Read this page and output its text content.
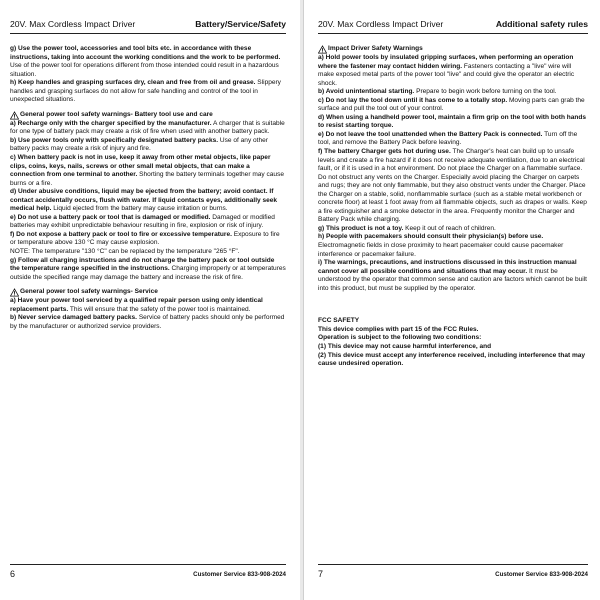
20V. Max Cordless Impact Driver	Battery/Service/Safety

g) Use the power tool, accessories and tool bits etc. in accordance with these instructions, taking into account the working conditions and the work to be performed. Use of the power tool for operations different from those intended could result in a hazardous situation.

h) Keep handles and grasping surfaces dry, clean and free from oil and grease. Slippery handles and grasping surfaces do not allow for safe handling and control of the tool in unexpected situations.

General power tool safety warnings- Battery tool use and care

a) Recharge only with the charger specified by the manufacturer. A charger that is suitable for one type of battery pack may create a risk of fire when used with another battery pack.

b) Use power tools only with specifically designated battery packs. Use of any other battery packs may create a risk of injury and fire.

c) When battery pack is not in use, keep it away from other metal objects, like paper clips, coins, keys, nails, screws or other small metal objects, that can make a connection from one terminal to another. Shorting the battery terminals together may cause burns or a fire.

d) Under abusive conditions, liquid may be ejected from the battery; avoid contact. If contact accidentally occurs, flush with water. If liquid contacts eyes, additionally seek medical help. Liquid ejected from the battery may cause irritation or burns.

e) Do not use a battery pack or tool that is damaged or modified. Damaged or modified batteries may exhibit unpredictable behaviour resulting in fire, explosion or risk of injury.

f) Do not expose a battery pack or tool to fire or excessive temperature. Exposure to fire or temperature above 130 °C may cause explosion.

NOTE: The temperature "130 °C" can be replaced by the temperature "265 °F".

g) Follow all charging instructions and do not charge the battery pack or tool outside the temperature range specified in the instructions. Charging improperly or at temperatures outside the specified range may damage the battery and increase the risk of fire.

General power tool safety warnings- Service

a) Have your power tool serviced by a qualified repair person using only identical replacement parts. This will ensure that the safety of the power tool is maintained.

b) Never service damaged battery packs. Service of battery packs should only be performed by the manufacturer or authorized service providers.

6	Customer Service 833-908-2024
20V. Max Cordless Impact Driver	Additional safety rules
Impact Driver Safety Warnings

a) Hold power tools by insulated gripping surfaces, when performing an operation where the fastener may contact hidden wiring. Fasteners contacting a "live" wire will make exposed metal parts of the power tool "live" and could give the operator an electric shock.

b) Avoid unintentional starting. Prepare to begin work before turning on the tool.

c) Do not lay the tool down until it has come to a totally stop. Moving parts can grab the surface and pull the tool out of your control.

d) When using a handheld power tool, maintain a firm grip on the tool with both hands to resist starting torque.

e) Do not leave the tool unattended when the Battery Pack is connected. Turn off the tool, and remove the Battery Pack before leaving.

f) The battery Charger gets hot during use. The Charger's heat can build up to unsafe levels and create a fire hazard if it does not receive adequate ventilation, due to an electrical fault, or if it is used in a hot environment. Do not place the Charger on a flammable surface. Do not obstruct any vents on the Charger. Especially avoid placing the Charger on carpets and rugs; they are not only flammable, but they also obstruct vents under the Charger. Place the Charger on a stable, solid, nonflammable surface (such as a stable metal workbench or concrete floor) at least 1 foot away from all flammable objects, such as drapes or walls. Keep a fire extinguisher and a smoke detector in the area. Frequently monitor the Charger and Battery Pack while charging.

g) This product is not a toy. Keep it out of reach of children.

h) People with pacemakers should consult their physician(s) before use. Electromagnetic fields in close proximity to heart pacemaker could cause pacemaker interference or pacemaker failure.

i) The warnings, precautions, and instructions discussed in this instruction manual cannot cover all possible conditions and situations that may occur. It must be understood by the operator that common sense and caution are factors which cannot be built into this product, but must be supplied by the operator.

FCC SAFETY

This device complies with part 15 of the FCC Rules.

Operation is subject to the following two conditions:

(1) This device may not cause harmful interference, and

(2) This device must accept any interference received, including interference that may cause undesired operation.

7	Customer Service 833-908-2024
